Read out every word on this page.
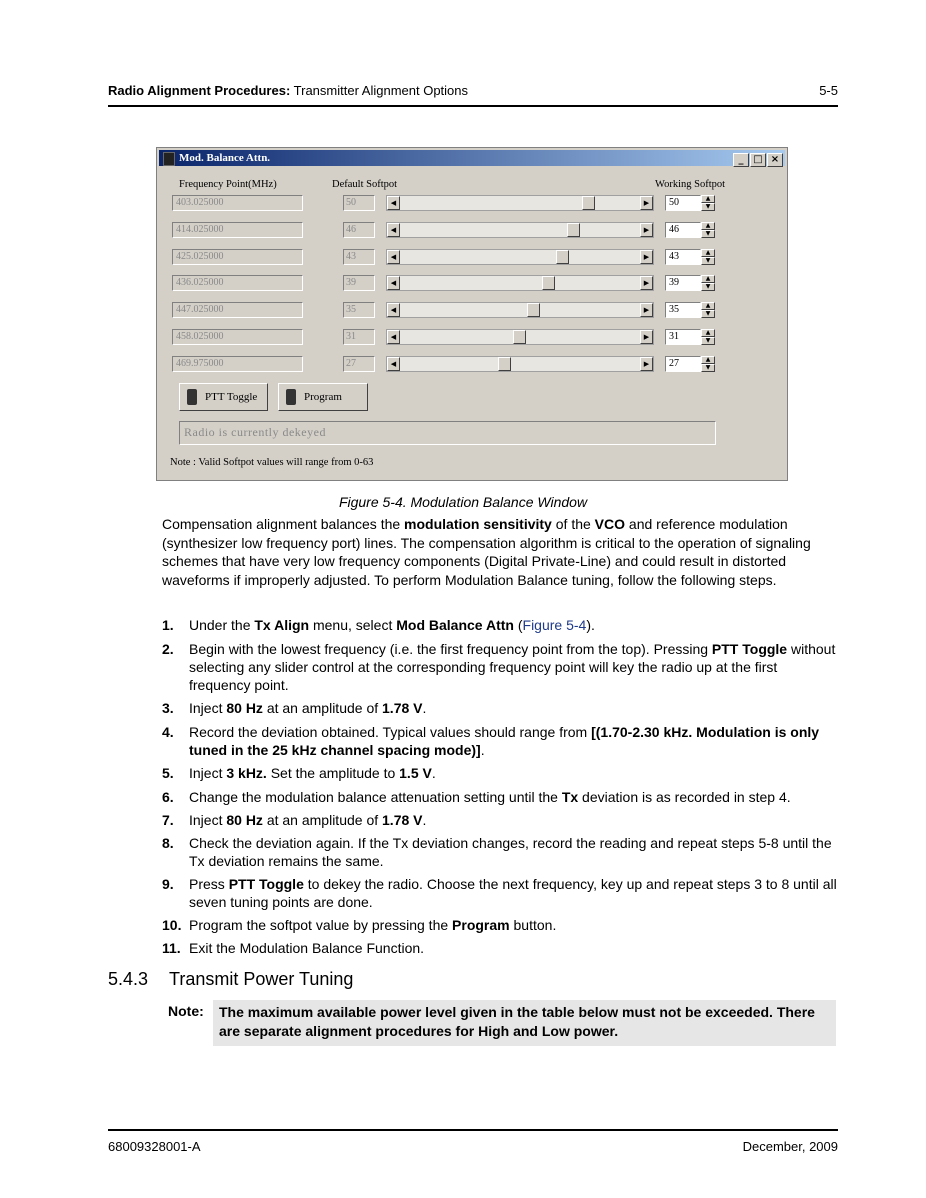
Radio Alignment Procedures: Transmitter Alignment Options	5-5
Mod. Balance Attn.	_ □ ×
Frequency Point(MHz)	Default Softpot	Working Softpot
403.025000	50	◀	▶	50	▲
▼
414.025000	46	◀	▶	46	▲
▼
425.025000	43	◀	▶	43	▲
▼
436.025000	39	◀	▶	39	▲
▼
447.025000	35	◀	▶	35	▲
▼
458.025000	31	◀	▶	31	▲
▼
469.975000	27	◀	▶	27	▲
▼
PTT Toggle	Program
Radio is currently dekeyed
Note : Valid Softpot values will range from 0-63
Figure 5-4. Modulation Balance Window
Compensation alignment balances the modulation sensitivity of the VCO and reference modulation (synthesizer low frequency port) lines. The compensation algorithm is critical to the operation of signaling schemes that have very low frequency components (Digital Private-Line) and could result in distorted waveforms if improperly adjusted. To perform Modulation Balance tuning, follow the following steps.
1. Under the Tx Align menu, select Mod Balance Attn (Figure 5-4).
2. Begin with the lowest frequency (i.e. the first frequency point from the top). Pressing PTT Toggle without selecting any slider control at the corresponding frequency point will key the radio up at the first frequency point.
3. Inject 80 Hz at an amplitude of 1.78 V.
4. Record the deviation obtained. Typical values should range from [(1.70-2.30 kHz. Modulation is only tuned in the 25 kHz channel spacing mode)].
5. Inject 3 kHz. Set the amplitude to 1.5 V.
6. Change the modulation balance attenuation setting until the Tx deviation is as recorded in step 4.
7. Inject 80 Hz at an amplitude of 1.78 V.
8. Check the deviation again. If the Tx deviation changes, record the reading and repeat steps 5-8 until the Tx deviation remains the same.
9. Press PTT Toggle to dekey the radio. Choose the next frequency, key up and repeat steps 3 to 8 until all seven tuning points are done.
10. Program the softpot value by pressing the Program button.
11. Exit the Modulation Balance Function.
5.4.3 Transmit Power Tuning
Note:	The maximum available power level given in the table below must not be exceeded. There are separate alignment procedures for High and Low power.
68009328001-A	December, 2009
